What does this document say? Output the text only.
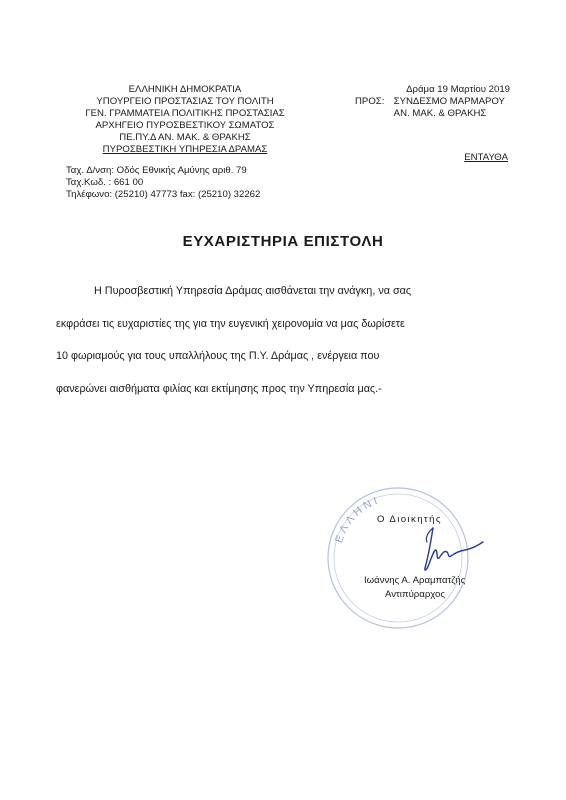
ΕΛΛΗΝΙΚΗ ΔΗΜΟΚΡΑΤΙΑ
ΥΠΟΥΡΓΕΙΟ ΠΡΟΣΤΑΣΙΑΣ ΤΟΥ ΠΟΛΙΤΗ
ΓΕΝ. ΓΡΑΜΜΑΤΕΙΑ ΠΟΛΙΤΙΚΗΣ ΠΡΟΣΤΑΣΙΑΣ
ΑΡΧΗΓΕΙΟ ΠΥΡΟΣΒΕΣΤΙΚΟΥ ΣΩΜΑΤΟΣ
ΠΕ.ΠΥ.Δ ΑΝ. ΜΑΚ. & ΘΡΑΚΗΣ
ΠΥΡΟΣΒΕΣΤΙΚΗ ΥΠΗΡΕΣΙΑ ΔΡΑΜΑΣ
Ταχ. Δ/νση: Οδός Εθνικής Αμύνης αριθ. 79
Ταχ.Κωδ. : 661 00
Τηλέφωνο: (25210) 47773 fax: (25210) 32262
Δράμα 19 Μαρτίου 2019
ΠΡΟΣ: ΣΥΝΔΕΣΜΟ ΜΑΡΜΑΡΟΥ
ΑΝ. ΜΑΚ. & ΘΡΑΚΗΣ
ΕΝΤΑΥΘΑ
ΕΥΧΑΡΙΣΤΗΡΙΑ ΕΠΙΣΤΟΛΗ
Η Πυροσβεστική Υπηρεσία Δράμας αισθάνεται την ανάγκη, να σας
εκφράσει τις ευχαριστίες της για την ευγενική χειρονομία να μας δωρίσετε
10 φωριαμούς για τους υπαλλήλους της Π.Υ. Δράμας , ενέργεια που
φανερώνει αισθήματα φιλίας και εκτίμησης προς την Υπηρεσία μας.-
ΕΛΛΗΝΙ
Ο Διοικητής
Ιωάννης Α. Αραμπατζής
Αντιπύραρχος
